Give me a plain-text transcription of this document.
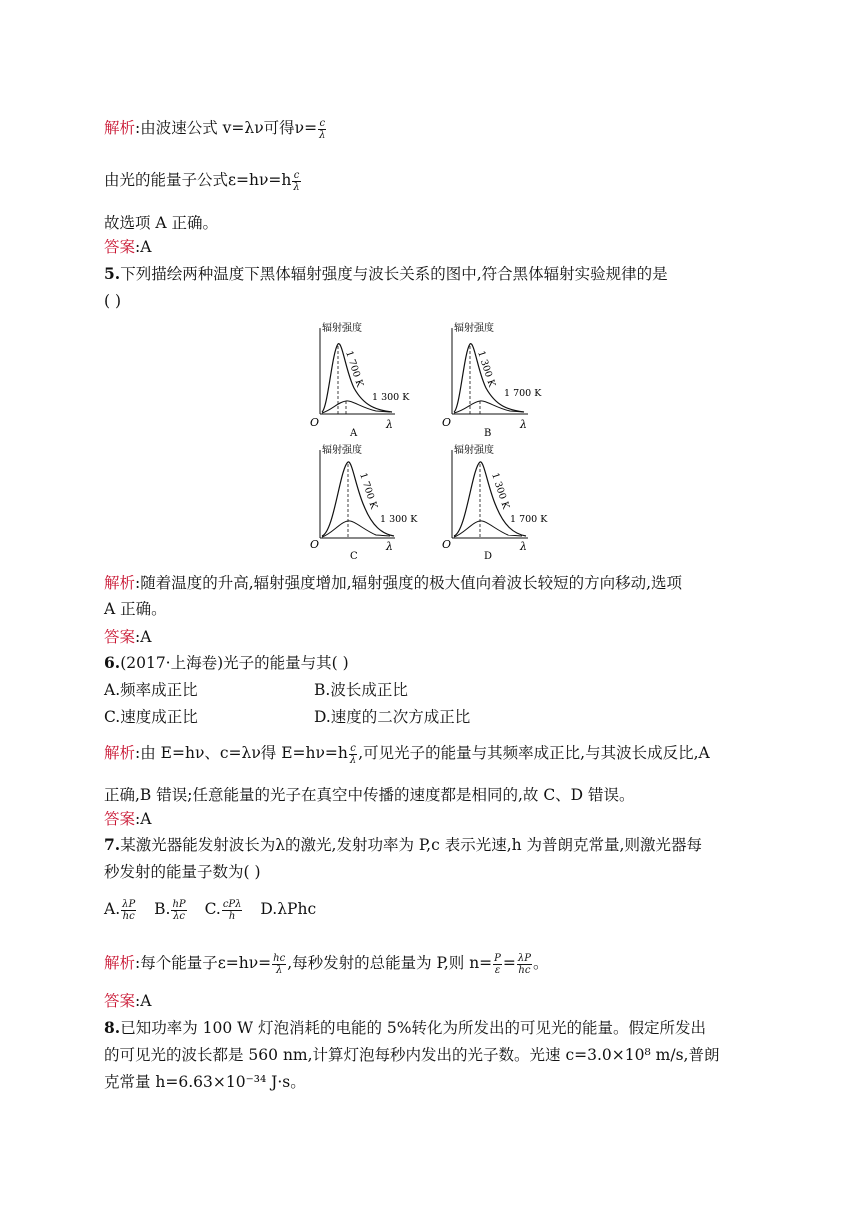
解析:由波速公式 v=λν可得$\nu= \frac{c}{\lambda}$
由光的能量子公式$\varepsilon=h\nu=h \frac{c}{\lambda}$
故选项 A 正确。
答案:A
5.下列描绘两种温度下黑体辐射强度与波长关系的图中,符合黑体辐射实验规律的是
( )
辐射强度
O	λ
1 700 K
1 300 K
A
辐射强度
O	λ
1 300 K
1 700 K
B
辐射强度
O	λ
1 700 K
1 300 K
C
辐射强度
O	λ
1 300 K
1 700 K
D
解析:随着温度的升高,辐射强度增加,辐射强度的极大值向着波长较短的方向移动,选项
A 正确。
答案:A
6.(2017·上海卷)光子的能量与其( )
A.频率成正比	B.波长成正比
C.速度成正比	D.速度的二次方成正比
解析:由 E=hν、c=λν得 $E=h\nu=h \frac{c}{\lambda}$ ,可见光子的能量与其频率成正比,与其波长成反比,A
正确,B 错误;任意能量的光子在真空中传播的速度都是相同的,故 C、D 错误。
答案:A
7.某激光器能发射波长为λ的激光,发射功率为 P,c 表示光速,h 为普朗克常量,则激光器每
秒发射的能量子数为( )
A. $\frac{\lambda P}{hc} B$. $\frac{hP}{\lambda c} C$. $\frac{\text{cPλ}}{h} D.\lambda Phc$
解析:每个能量子$\varepsilon=h\nu= \frac{hc}{\lambda}$ ,每秒发射的总能量为 P,则 $n= \frac{P}{\varepsilon} = \frac{\lambda P}{hc}$ 。
答案:A
8.已知功率为 100 W 灯泡消耗的电能的 5%转化为所发出的可见光的能量。假定所发出
的可见光的波长都是 560 nm,计算灯泡每秒内发出的光子数。光速 c=3.0×10⁸ m/s,普朗
克常量 h=6.63×10⁻³⁴ J·s。
